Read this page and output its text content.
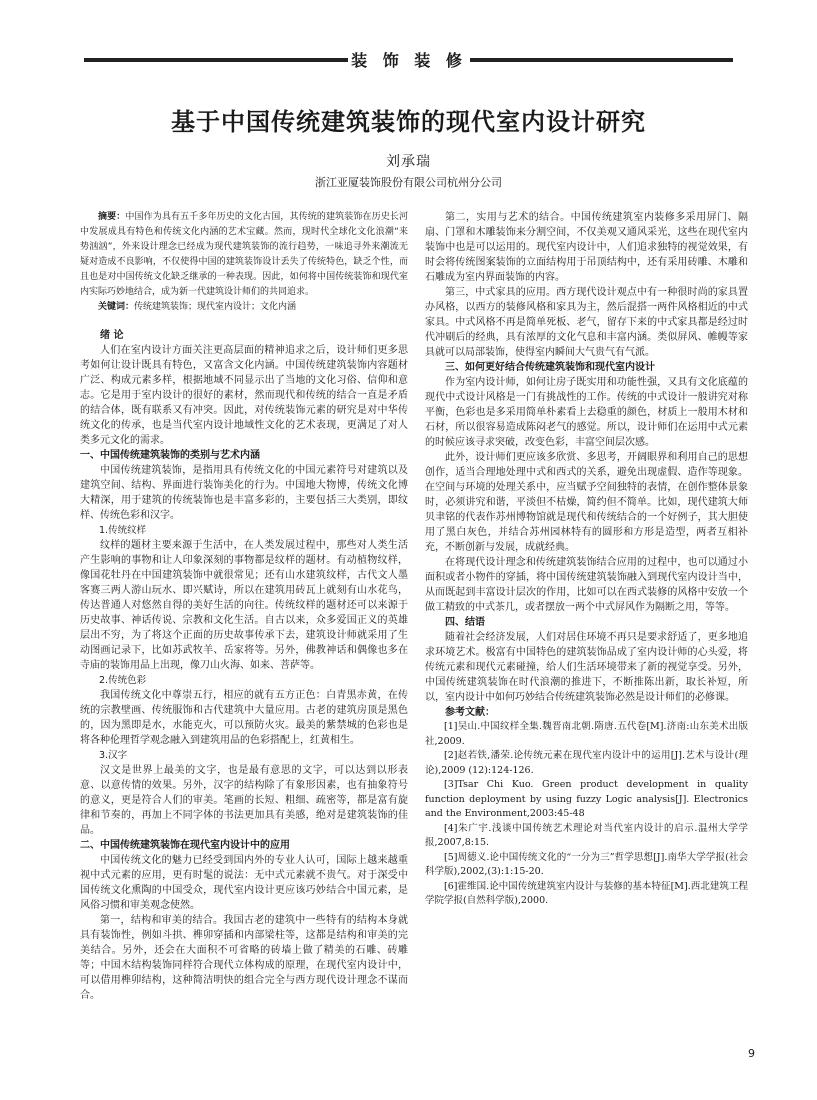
装 饰 装 修
基于中国传统建筑装饰的现代室内设计研究
刘承瑞
浙江亚厦装饰股份有限公司杭州分公司

摘要：中国作为具有五千多年历史的文化古国，其传统的建筑装饰在历史长河中发展成具有特色和传统文化内涵的艺术宝藏。然而，现时代全球化文化浪潮“来势汹汹”，外来设计理念已经成为现代建筑装饰的流行趋势，一味追寻外来潮流无疑对造成不良影响，不仅使得中国的建筑装饰设计丢失了传统特色，缺乏个性，而且也是对中国传统文化缺乏继承的一种表现。因此，如何将中国传统装饰和现代室内实际巧妙地结合，成为新一代建筑设计师们的共同追求。

关键词：传统建筑装饰；现代室内设计；文化内涵

绪 论

人们在室内设计方面关注更高层面的精神追求之后，设计师们更多思考如何让设计既具有特色，又富含文化内涵。中国传统建筑装饰内容题材广泛、构成元素多样，根据地域不同显示出了当地的文化习俗、信仰和意志。它是用于室内设计的很好的素材，然而现代和传统的结合一直是矛盾的结合体，既有联系又有冲突。因此，对传统装饰元素的研究是对中华传统文化的传承，也是当代室内设计地域性文化的艺术表现，更满足了对人类多元文化的需求。

一、中国传统建筑装饰的类别与艺术内涵

中国传统建筑装饰，是指用具有传统文化的中国元素符号对建筑以及建筑空间、结构、界面进行装饰美化的行为。中国地大物博，传统文化博大精深，用于建筑的传统装饰也是丰富多彩的，主要包括三大类别，即纹样、传统色彩和汉字。

1.传统纹样

纹样的题材主要来源于生活中，在人类发展过程中，那些对人类生活产生影响的事物和让人印象深刻的事物都是纹样的题材。有动植物纹样，像国花牡丹在中国建筑装饰中就很常见；还有山水建筑纹样，古代文人墨客赛三两人游山玩水、即兴赋诗，所以在建筑用砖瓦上就刻有山水花鸟，传达普通人对悠然自得的美好生活的向往。传统纹样的题材还可以来源于历史故事、神话传说、宗教和文化生活。自古以来，众多爱国正义的英雄层出不穷，为了将这个正面的历史故事传承下去，建筑设计师就采用了生动图画记录下，比如苏武牧羊、岳家将等。另外，佛教神话和偶像也多在寺庙的装饰用品上出现，像刀山火海、如来、菩萨等。

2.传统色彩

我国传统文化中尊崇五行，相应的就有五方正色：白青黑赤黄，在传统的宗教壁画、传统服饰和古代建筑中大量应用。古老的建筑房顶是黑色的，因为黑即是水，水能克火，可以预防火灾。最美的紫禁城的色彩也是将各种伦理哲学观念融入到建筑用品的色彩搭配上，红黄相生。

3.汉字

汉文是世界上最美的文字，也是最有意思的文字，可以达到以形表意、以意传情的效果。另外，汉字的结构除了有象形因素，也有抽象符号的意义，更是符合人们的审美。笔画的长短、粗细、疏密等，都是富有旋律和节奏的，再加上不同字体的书法更加具有美感，绝对是建筑装饰的佳品。

二、中国传统建筑装饰在现代室内设计中的应用

中国传统文化的魅力已经受到国内外的专业人认可，国际上越来越重视中式元素的应用，更有时髦的说法：无中式元素就不贵气。对于深受中国传统文化熏陶的中国受众，现代室内设计更应该巧妙结合中国元素，是风俗习惯和审美观念使然。

第一，结构和审美的结合。我国古老的建筑中一些特有的结构本身就具有装饰性，例如斗拱、榫卯穿插和内部梁柱等，这都是结构和审美的完美结合。另外，还会在大面积不可省略的砖墙上做了精美的石雕、砖雕等；中国木结构装饰同样符合现代立体构成的原理，在现代室内设计中，可以借用榫卯结构，这种简洁明快的组合完全与西方现代设计理念不谋而合。

第二，实用与艺术的结合。中国传统建筑室内装修多采用屏门、隔扇、门罩和木雕装饰来分割空间，不仅美观又通风采光，这些在现代室内装饰中也是可以运用的。现代室内设计中，人们追求独特的视觉效果，有时会将传统图案装饰的立面结构用于吊顶结构中，还有采用砖雕、木雕和石雕成为室内界面装饰的内容。

第三，中式家具的应用。西方现代设计观点中有一种很时尚的家具置办风格，以西方的装修风格和家具为主，然后混搭一两件风格相近的中式家具。中式风格不再是简单死板、老气，留存下来的中式家具都是经过时代冲刷后的经典，具有浓厚的文化气息和丰富内涵。类似屏风、帷幔等家具就可以局部装饰，使得室内瞬间大气贵气有气派。

三、如何更好结合传统建筑装饰和现代室内设计

作为室内设计师，如何让房子既实用和功能性强，又具有文化底蕴的现代中式设计风格是一门有挑战性的工作。传统的中式设计一般讲究对称平衡，色彩也是多采用简单朴素看上去稳重的颜色，材质上一般用木材和石材，所以很容易造成陈闷老气的感觉。所以，设计师们在运用中式元素的时候应该寻求突破，改变色彩，丰富空间层次感。

此外，设计师们更应该多欣赏、多思考，开阔眼界和利用自己的思想创作，适当合理地处理中式和西式的关系，避免出现虚假、造作等现象。在空间与环境的处理关系中，应当赋予空间独特的表情，在创作整体景象时，必须讲究和谐，平淡但不枯燥，简约但不简单。比如，现代建筑大师贝聿铭的代表作苏州博物馆就是现代和传统结合的一个好例子，其大胆使用了黑白灰色，并结合苏州园林特有的圆形和方形是造型，两者互相补充，不断创新与发展，成就经典。

在将现代设计理念和传统建筑装饰结合应用的过程中，也可以通过小面积或者小物件的穿插，将中国传统建筑装饰融入到现代室内设计当中，从而既起到丰富设计层次的作用，比如可以在西式装修的风格中安放一个做工精致的中式茶几，或者摆放一两个中式屏风作为隔断之用，等等。

四、结语

随着社会经济发展，人们对居住环境不再只是要求舒适了，更多地追求环境艺术。极富有中国特色的建筑装饰品成了室内设计师的心头爱，将传统元素和现代元素碰撞，给人们生活环境带来了新的视觉享受。另外，中国传统建筑装饰在时代浪潮的推进下，不断推陈出新，取长补短，所以，室内设计中如何巧妙结合传统建筑装饰必然是设计师们的必修课。

参考文献：

[1]吴山.中国纹样全集.魏晋南北朝.隋唐.五代卷[M].济南:山东美术出版社,2009.

[2]赵若铁,潘荣.论传统元素在现代室内设计中的运用[J].艺术与设计(理论),2009 (12):124-126.

[3]Tsar Chi Kuo. Green product development in quality function deployment by using fuzzy Logic analysis[J]. Electronics and the Environment,2003:45-48

[4]朱广宇.浅谈中国传统艺术理论对当代室内设计的启示.温州大学学报,2007,8:15.

[5]周德义.论中国传统文化的“一分为三”哲学思想[J].南华大学学报(社会科学版),2002,(3):1:15-20.

[6]霍维国.论中国传统建筑室内设计与装修的基本特征[M].西北建筑工程学院学报(自然科学版),2000.

9
